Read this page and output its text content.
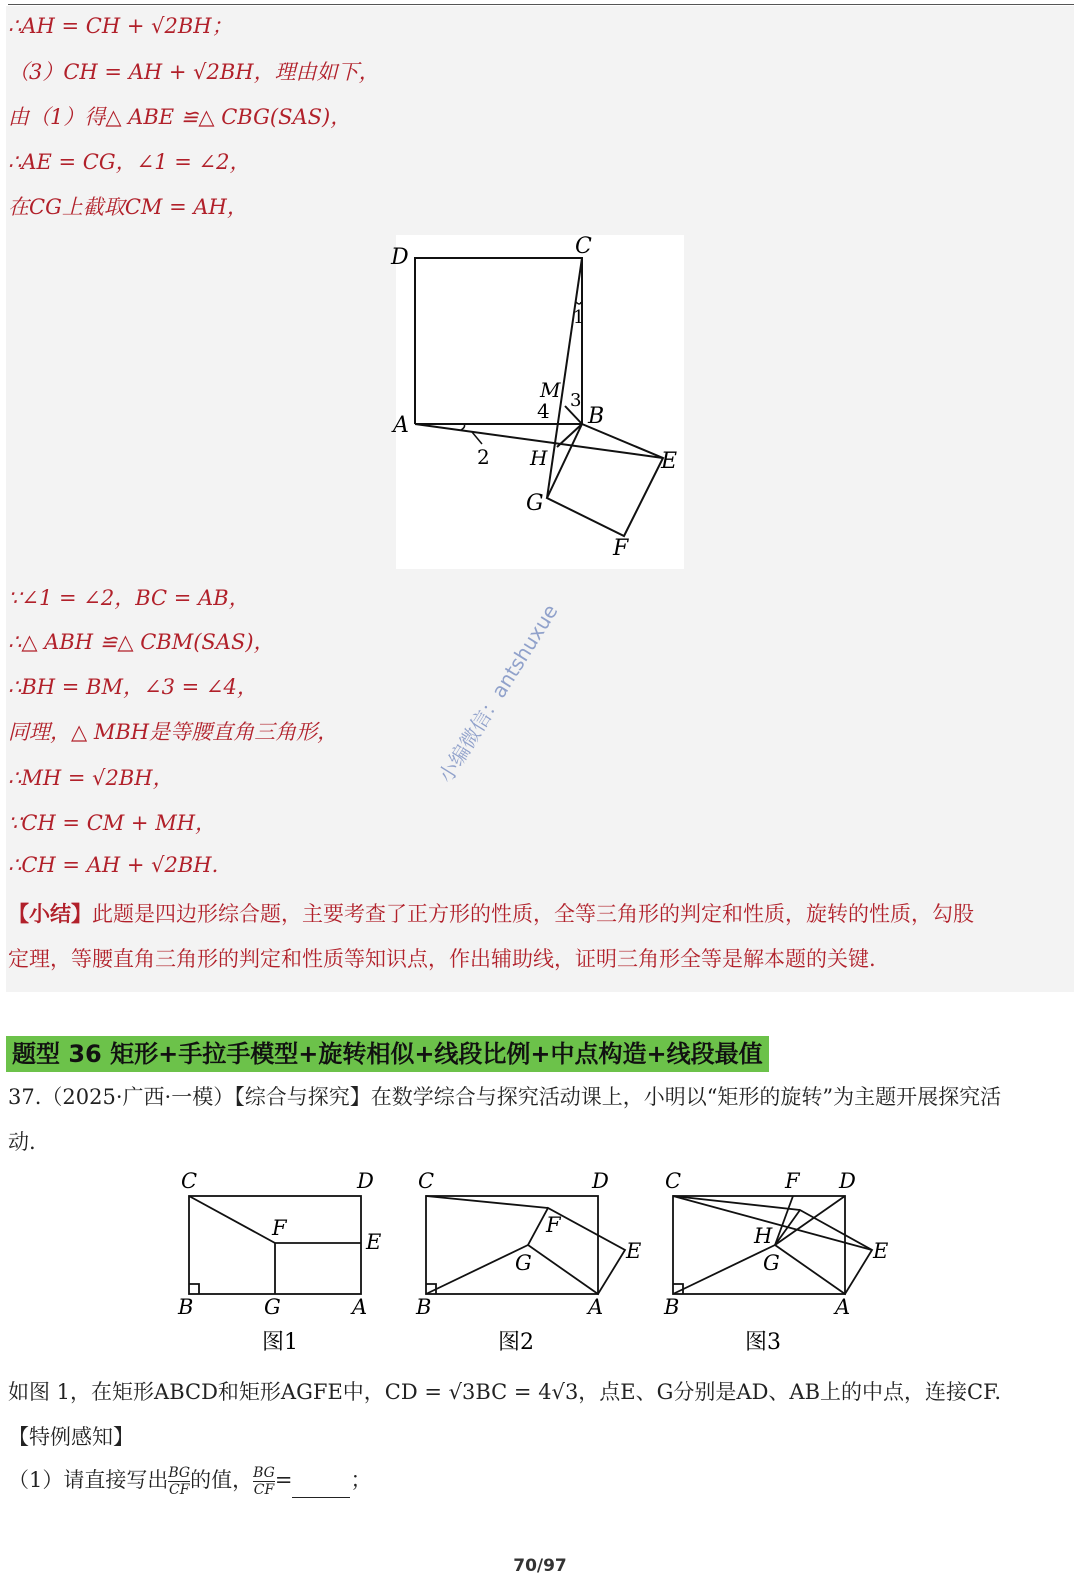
∴AH = CH + √2BH；
（3）CH = AH + √2BH，理由如下，
由（1）得△ ABE ≌△ CBG(SAS)，
∴AE = CG，∠1 = ∠2，
在CG上截取CM = AH，
D	C
A	B
M
H	E
G
F
1
2
3
4
∵∠1 = ∠2，BC = AB，
∴△ ABH ≌△ CBM(SAS)，
∴BH = BM，∠3 = ∠4，
同理，△ MBH是等腰直角三角形，
∴MH = √2BH，
∵CH = CM + MH，
∴CH = AH + √2BH.
【小结】此题是四边形综合题，主要考查了正方形的性质，全等三角形的判定和性质，旋转的性质，勾股
定理，等腰直角三角形的判定和性质等知识点，作出辅助线，证明三角形全等是解本题的关键.
小编微信：antshuxue
题型 36 矩形+手拉手模型+旋转相似+线段比例+中点构造+线段最值
37.（2025·广西·一模）【综合与探究】在数学综合与探究活动课上，小明以“矩形的旋转”为主题开展探究活
动.
C	D
B	G	A
F
E
图1
C	D
B	A
F
G	E
图2
C	F D
H
G
B	A
E
图3
如图 1，在矩形ABCD和矩形AGFE中，CD = √3BC = 4√3，点E、G分别是AD、AB上的中点，连接CF.
【特例感知】
（1）请直接写出 $\frac{BG}{CF}$ 的值， $\frac{BG}{CF}$ =	；
70/97
